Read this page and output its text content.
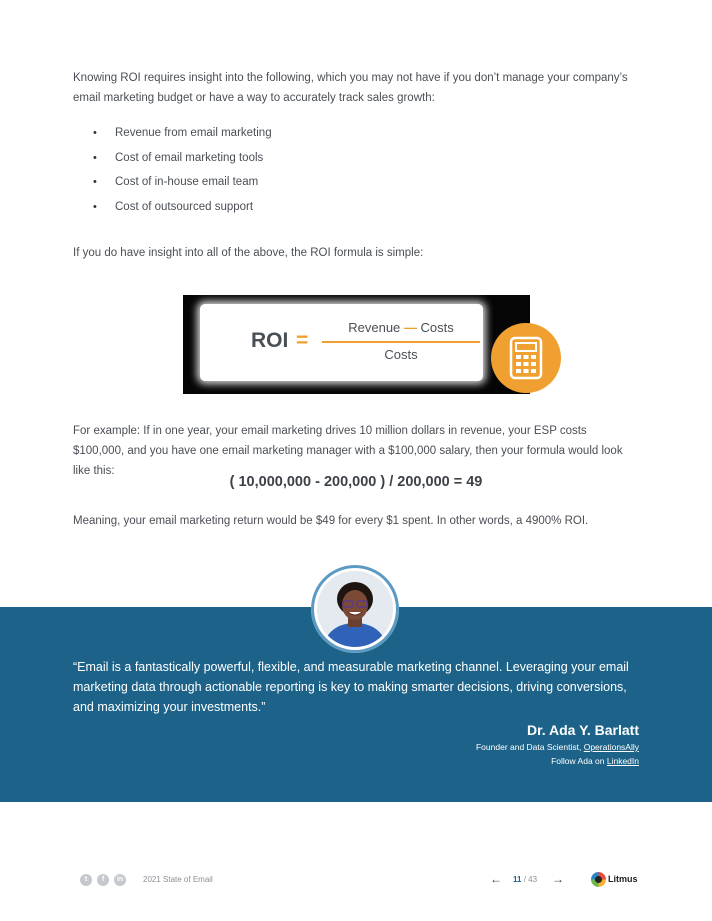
Knowing ROI requires insight into the following, which you may not have if you don’t manage your company’s email marketing budget or have a way to accurately track sales growth:

• Revenue from email marketing
• Cost of email marketing tools
• Cost of in-house email team
• Cost of outsourced support

If you do have insight into all of the above, the ROI formula is simple:

ROI =
Revenue — Costs
Costs

For example: If in one year, your email marketing drives 10 million dollars in revenue, your ESP costs $100,000, and you have one email marketing manager with a $100,000 salary, then your formula would look like this:

( 10,000,000 - 200,000 ) / 200,000 = 49

Meaning, your email marketing return would be $49 for every $1 spent. In other words, a 4900% ROI.

“Email is a fantastically powerful, flexible, and measurable marketing channel. Leveraging your email marketing data through actionable reporting is key to making smarter decisions, driving conversions, and maximizing your investments.”

Dr. Ada Y. Barlatt
Founder and Data Scientist, OperationsAlly
Follow Ada on LinkedIn
t	f	in	2021 State of Email	← 11 / 43 →	Litmus
